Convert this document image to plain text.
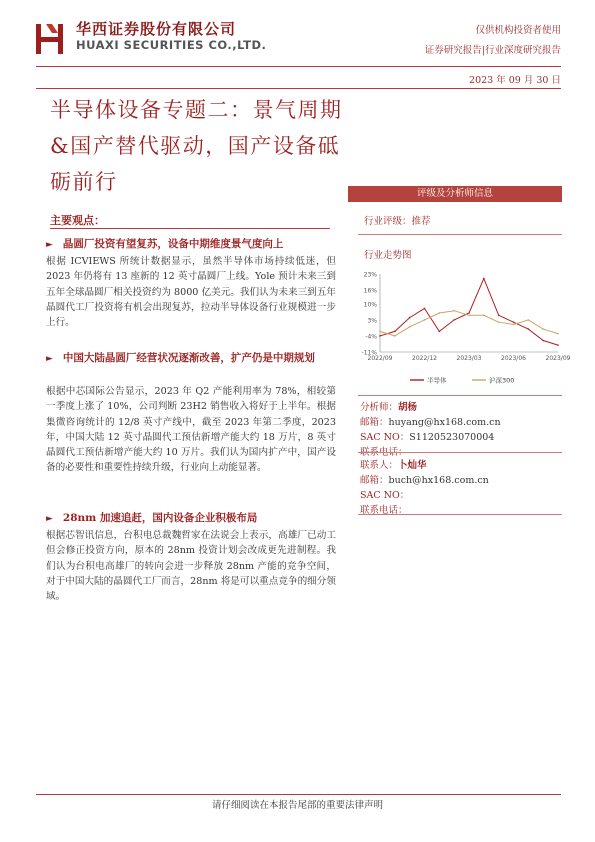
华西证券股份有限公司
HUAXI SECURITIES CO.,LTD.
仅供机构投资者使用
证券研究报告|行业深度研究报告
2023 年 09 月 30 日
半导体设备专题二：景气周期&国产替代驱动，国产设备砥砺前行
主要观点：
► 晶圆厂投资有望复苏，设备中期维度景气度向上
根据 ICVIEWS 所统计数据显示，虽然半导体市场持续低迷，但 2023 年仍将有 13 座新的 12 英寸晶圆厂上线。Yole 预计未来三到五年全球晶圆厂相关投资约为 8000 亿美元。我们认为未来三到五年晶圆代工厂投资将有机会出现复苏，拉动半导体设备行业规模进一步上行。
► 中国大陆晶圆厂经营状况逐渐改善，扩产仍是中期规划
根据中芯国际公告显示，2023 年 Q2 产能利用率为 78%，相较第一季度上涨了 10%，公司判断 23H2 销售收入将好于上半年。根据集微咨询统计的 12/8 英寸产线中，截至 2023 年第二季度，2023 年，中国大陆 12 英寸晶圆代工预估新增产能大约 18 万片，8 英寸晶圆代工预估新增产能大约 10 万片。我们认为国内扩产中，国产设备的必要性和重要性持续升级，行业向上动能显著。
► 28nm 加速追赶，国内设备企业积极布局
根据芯智讯信息，台积电总裁魏哲家在法说会上表示，高雄厂已动工但会修正投资方向，原本的 28nm 投资计划会改成更先进制程。我们认为台积电高雄厂的转向会进一步释放 28nm 产能的竞争空间，对于中国大陆的晶圆代工厂而言，28nm 将是可以重点竞争的细分领域。
评级及分析师信息
行业评级：推荐
行业走势图
23%
16%
10%
3%
-4%
-11%
2022/09	2022/12	2023/03	2023/06	2023/09
半导体	沪深300
分析师：胡杨
邮箱：huyang@hx168.com.cn
SAC NO：S1120523070004
联系电话：
联系人：卜灿华
邮箱：buch@hx168.com.cn
SAC NO：
联系电话：
请仔细阅读在本报告尾部的重要法律声明
